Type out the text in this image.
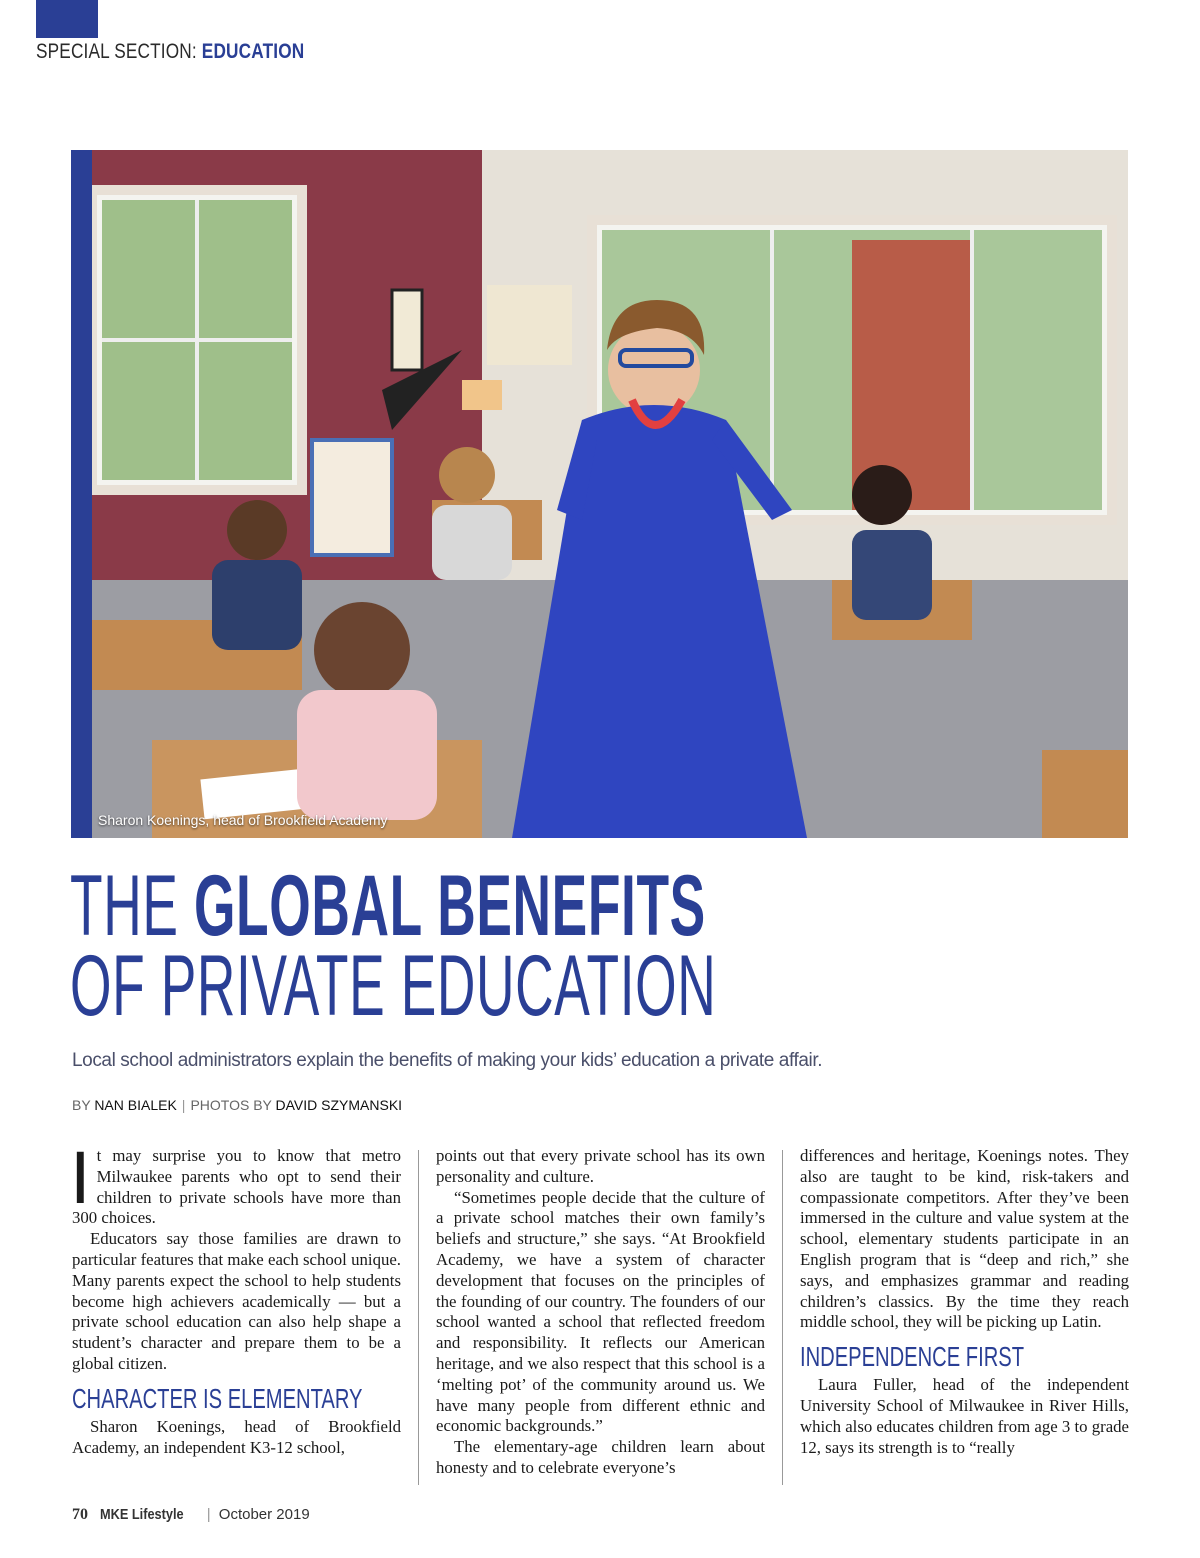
SPECIAL SECTION: EDUCATION
Sharon Koenings, head of Brookfield Academy
THE GLOBAL BENEFITS
OF PRIVATE EDUCATION
Local school administrators explain the benefits of making your kids’ education a private affair.
BY NAN BIALEK | PHOTOS BY DAVID SZYMANSKI

It may surprise you to know that metro Milwaukee parents who opt to send their children to private schools have more than 300 choices.

Educators say those families are drawn to particular features that make each school unique. Many parents expect the school to help students become high achievers academically — but a private school education can also help shape a student’s character and prepare them to be a global citizen.

CHARACTER IS ELEMENTARY

Sharon Koenings, head of Brookfield Academy, an independent K3-12 school,

points out that every private school has its own personality and culture.

“Sometimes people decide that the culture of a private school matches their own family’s beliefs and structure,” she says. “At Brookfield Academy, we have a system of character development that focuses on the principles of the founding of our country. The founders of our school wanted a school that reflected freedom and responsibility. It reflects our American heritage, and we also respect that this school is a ‘melting pot’ of the community around us. We have many people from different ethnic and economic backgrounds.”

The elementary-age children learn about honesty and to celebrate everyone’s

differences and heritage, Koenings notes. They also are taught to be kind, risk-takers and compassionate competitors. After they’ve been immersed in the culture and value system at the school, elementary students participate in an English program that is “deep and rich,” she says, and emphasizes grammar and reading children’s classics. By the time they reach middle school, they will be picking up Latin.

INDEPENDENCE FIRST

Laura Fuller, head of the independent University School of Milwaukee in River Hills, which also educates children from age 3 to grade 12, says its strength is to “really

70 MKE Lifestyle | October 2019
